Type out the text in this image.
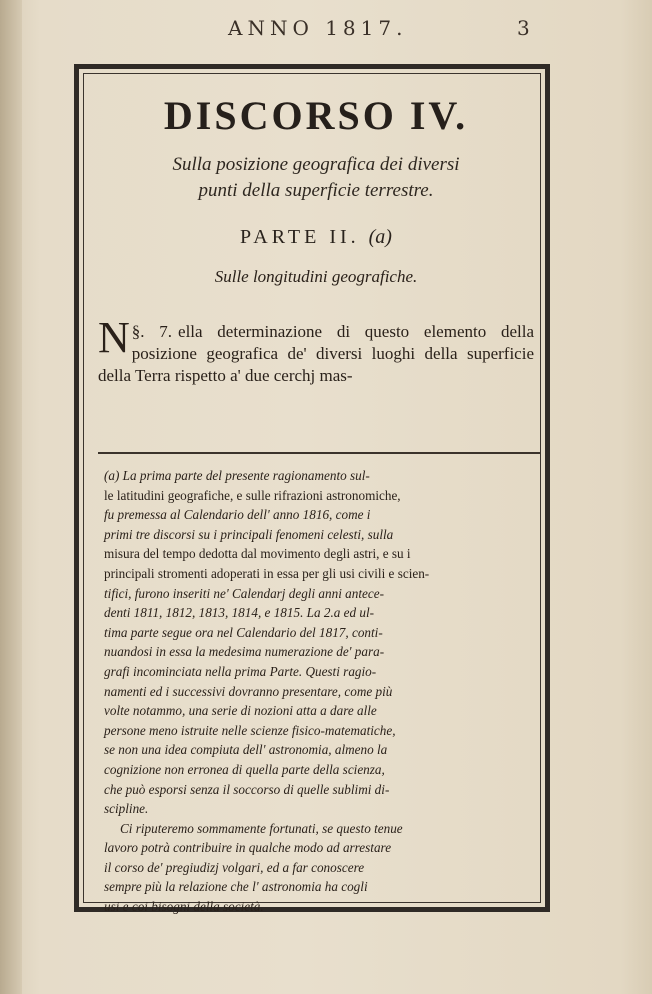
ANNO 1817.	3
DISCORSO IV.
Sulla posizione geografica dei diversi
punti della superficie terrestre.
PARTE II. (a)
Sulle longitudini geografiche.
§. 7.
N	ella determinazione di questo elemento della posizione geografica de' diversi luoghi della superficie della Terra rispetto a' due cerchj mas-

(a) La prima parte del presente ragionamento sul-
le latitudini geografiche, e sulle rifrazioni astronomiche,
fu premessa al Calendario dell' anno 1816, come i
primi tre discorsi su i principali fenomeni celesti, sulla
misura del tempo dedotta dal movimento degli astri, e su i
principali stromenti adoperati in essa per gli usi civili e scien-
tifici, furono inseriti ne' Calendarj degli anni antece-
denti 1811, 1812, 1813, 1814, e 1815. La 2.a ed ul-
tima parte segue ora nel Calendario del 1817, conti-
nuandosi in essa la medesima numerazione de' para-
grafi incominciata nella prima Parte. Questi ragio-
namenti ed i successivi dovranno presentare, come più
volte notammo, una serie di nozioni atta a dare alle
persone meno istruite nelle scienze fisico-matematiche,
se non una idea compiuta dell' astronomia, almeno la
cognizione non erronea di quella parte della scienza,
che può esporsi senza il soccorso di quelle sublimi di-
scipline.

Ci riputeremo sommamente fortunati, se questo tenue
lavoro potrà contribuire in qualche modo ad arrestare
il corso de' pregiudizj volgari, ed a far conoscere
sempre più la relazione che l' astronomia ha cogli
usi e coi bisogni della società.
